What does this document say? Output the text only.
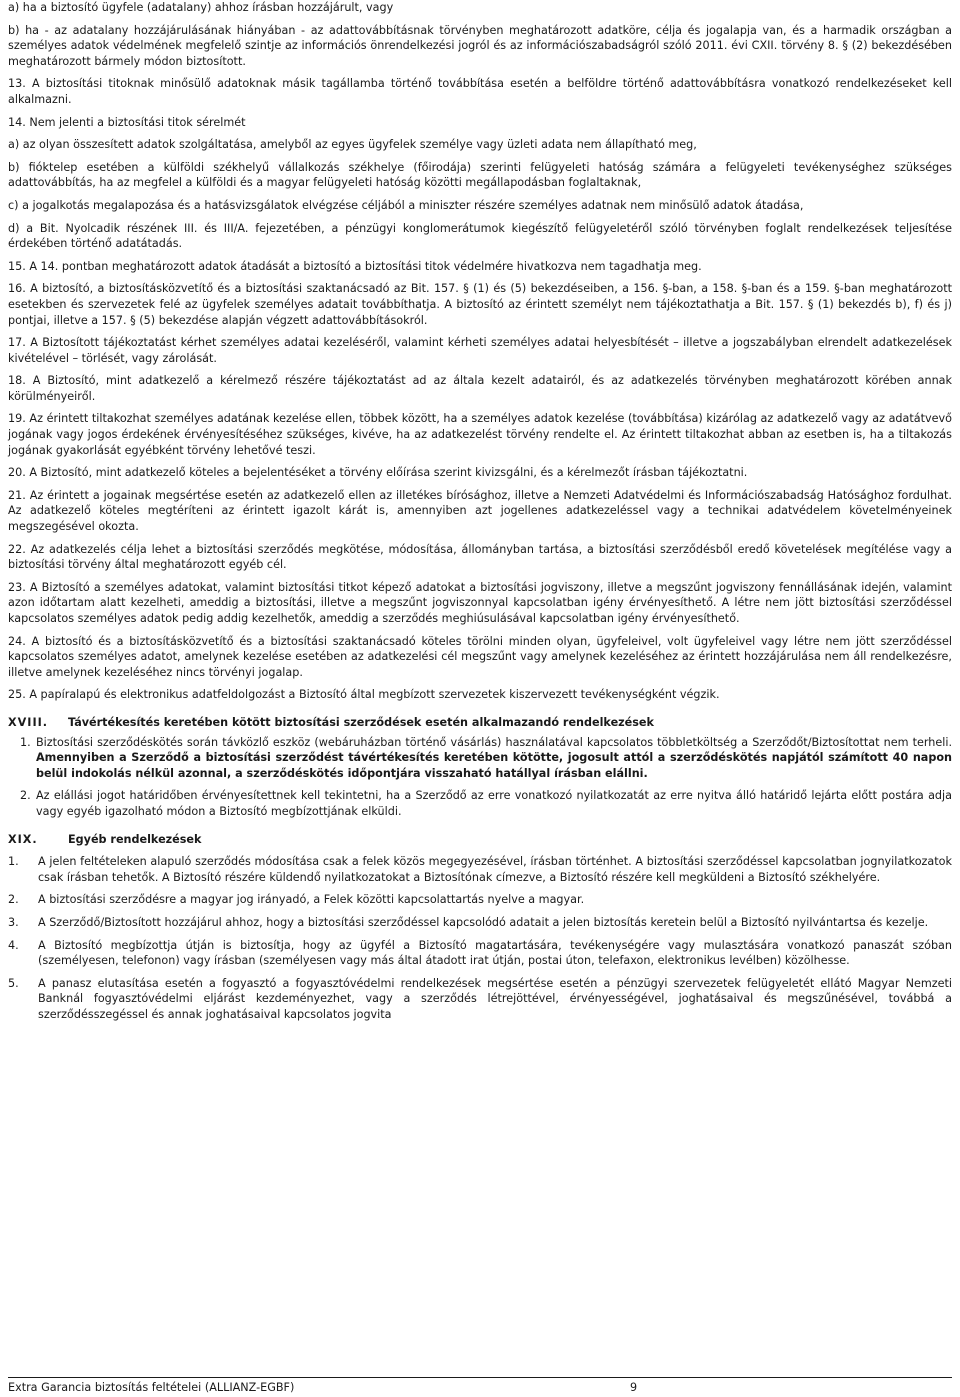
a) ha a biztosító ügyfele (adatalany) ahhoz írásban hozzájárult, vagy

b) ha - az adatalany hozzájárulásának hiányában - az adattovábbításnak törvényben meghatározott adatköre, célja és jogalapja van, és a harmadik országban a személyes adatok védelmének megfelelő szintje az információs önrendelkezési jogról és az információszabadságról szóló 2011. évi CXII. törvény 8. § (2) bekezdésében meghatározott bármely módon biztosított.

13. A biztosítási titoknak minősülő adatoknak másik tagállamba történő továbbítása esetén a belföldre történő adattovábbításra vonatkozó rendelkezéseket kell alkalmazni.

14. Nem jelenti a biztosítási titok sérelmét

a) az olyan összesített adatok szolgáltatása, amelyből az egyes ügyfelek személye vagy üzleti adata nem állapítható meg,

b) fióktelep esetében a külföldi székhelyű vállalkozás székhelye (főirodája) szerinti felügyeleti hatóság számára a felügyeleti tevékenységhez szükséges adattovábbítás, ha az megfelel a külföldi és a magyar felügyeleti hatóság közötti megállapodásban foglaltaknak,

c) a jogalkotás megalapozása és a hatásvizsgálatok elvégzése céljából a miniszter részére személyes adatnak nem minősülő adatok átadása,

d) a Bit. Nyolcadik részének III. és III/A. fejezetében, a pénzügyi konglomerátumok kiegészítő felügyeletéről szóló törvényben foglalt rendelkezések teljesítése érdekében történő adatátadás.

15. A 14. pontban meghatározott adatok átadását a biztosító a biztosítási titok védelmére hivatkozva nem tagadhatja meg.

16. A biztosító, a biztosításközvetítő és a biztosítási szaktanácsadó az Bit. 157. § (1) és (5) bekezdéseiben, a 156. §-ban, a 158. §-ban és a 159. §-ban meghatározott esetekben és szervezetek felé az ügyfelek személyes adatait továbbíthatja. A biztosító az érintett személyt nem tájékoztathatja a Bit. 157. § (1) bekezdés b), f) és j) pontjai, illetve a 157. § (5) bekezdése alapján végzett adattovábbításokról.

17. A Biztosított tájékoztatást kérhet személyes adatai kezeléséről, valamint kérheti személyes adatai helyesbítését – illetve a jogszabályban elrendelt adatkezelések kivételével – törlését, vagy zárolását.

18. A Biztosító, mint adatkezelő a kérelmező részére tájékoztatást ad az általa kezelt adatairól, és az adatkezelés törvényben meghatározott körében annak körülményeiről.

19. Az érintett tiltakozhat személyes adatának kezelése ellen, többek között, ha a személyes adatok kezelése (továbbítása) kizárólag az adatkezelő vagy az adatátvevő jogának vagy jogos érdekének érvényesítéséhez szükséges, kivéve, ha az adatkezelést törvény rendelte el. Az érintett tiltakozhat abban az esetben is, ha a tiltakozás jogának gyakorlását egyébként törvény lehetővé teszi.

20. A Biztosító, mint adatkezelő köteles a bejelentéséket a törvény előírása szerint kivizsgálni, és a kérelmezőt írásban tájékoztatni.

21. Az érintett a jogainak megsértése esetén az adatkezelő ellen az illetékes bírósághoz, illetve a Nemzeti Adatvédelmi és Információszabadság Hatósághoz fordulhat. Az adatkezelő köteles megtéríteni az érintett igazolt kárát is, amennyiben azt jogellenes adatkezeléssel vagy a technikai adatvédelem követelményeinek megszegésével okozta.

22. Az adatkezelés célja lehet a biztosítási szerződés megkötése, módosítása, állományban tartása, a biztosítási szerződésből eredő követelések megítélése vagy a biztosítási törvény által meghatározott egyéb cél.

23. A Biztosító a személyes adatokat, valamint biztosítási titkot képező adatokat a biztosítási jogviszony, illetve a megszűnt jogviszony fennállásának idején, valamint azon időtartam alatt kezelheti, ameddig a biztosítási, illetve a megszűnt jogviszonnyal kapcsolatban igény érvényesíthető. A létre nem jött biztosítási szerződéssel kapcsolatos személyes adatok pedig addig kezelhetők, ameddig a szerződés meghiúsulásával kapcsolatban igény érvényesíthető.

24. A biztosító és a biztosításközvetítő és a biztosítási szaktanácsadó köteles törölni minden olyan, ügyfeleivel, volt ügyfeleivel vagy létre nem jött szerződéssel kapcsolatos személyes adatot, amelynek kezelése esetében az adatkezelési cél megszűnt vagy amelynek kezeléséhez az érintett hozzájárulása nem áll rendelkezésre, illetve amelynek kezeléséhez nincs törvényi jogalap.

25. A papíralapú és elektronikus adatfeldolgozást a Biztosító által megbízott szervezetek kiszervezett tevékenységként végzik.

XVIII. Távértékesítés keretében kötött biztosítási szerződések esetén alkalmazandó rendelkezések

1. Biztosítási szerződéskötés során távközlő eszköz (webáruházban történő vásárlás) használatával kapcsolatos többletköltség a Szerződőt/Biztosítottat nem terheli. Amennyiben a Szerződő a biztosítási szerződést távértékesítés keretében kötötte, jogosult attól a szerződéskötés napjától számított 40 napon belül indokolás nélkül azonnal, a szerződéskötés időpontjára visszaható hatállyal írásban elállni.
2. Az elállási jogot határidőben érvényesítettnek kell tekintetni, ha a Szerződő az erre vonatkozó nyilatkozatát az erre nyitva álló határidő lejárta előtt postára adja vagy egyéb igazolható módon a Biztosító megbízottjának elküldi.

XIX.	Egyéb rendelkezések

1. A jelen feltételeken alapuló szerződés módosítása csak a felek közös megegyezésével, írásban történhet. A biztosítási szerződéssel kapcsolatban jognyilatkozatok csak írásban tehetők. A Biztosító részére küldendő nyilatkozatokat a Biztosítónak címezve, a Biztosító részére kell megküldeni a Biztosító székhelyére.
2. A biztosítási szerződésre a magyar jog irányadó, a Felek közötti kapcsolattartás nyelve a magyar.
3. A Szerződő/Biztosított hozzájárul ahhoz, hogy a biztosítási szerződéssel kapcsolódó adatait a jelen biztosítás keretein belül a Biztosító nyilvántartsa és kezelje.
4. A Biztosító megbízottja útján is biztosítja, hogy az ügyfél a Biztosító magatartására, tevékenységére vagy mulasztására vonatkozó panaszát szóban (személyesen, telefonon) vagy írásban (személyesen vagy más által átadott irat útján, postai úton, telefaxon, elektronikus levélben) közölhesse.
5. A panasz elutasítása esetén a fogyasztó a fogyasztóvédelmi rendelkezések megsértése esetén a pénzügyi szervezetek felügyeletét ellátó Magyar Nemzeti Banknál fogyasztóvédelmi eljárást kezdeményezhet, vagy a szerződés létrejöttével, érvényességével, joghatásaival és megszűnésével, továbbá a szerződésszegéssel és annak joghatásaival kapcsolatos jogvita
Extra Garancia biztosítás feltételei (ALLIANZ-EGBF)	9
